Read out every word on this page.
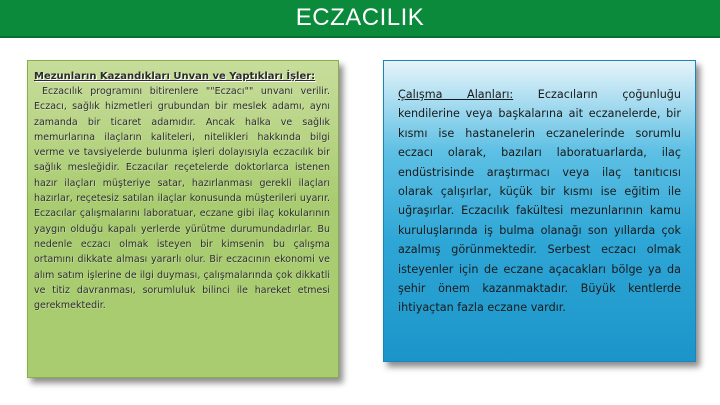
ECZACILIK
Mezunların Kazandıkları Unvan ve Yaptıkları İşler:

Eczacılık programını bitirenlere ""Eczacı"" unvanı verilir. Eczacı, sağlık hizmetleri grubundan bir meslek adamı, aynı zamanda bir ticaret adamıdır. Ancak halka ve sağlık memurlarına ilaçların kaliteleri, nitelikleri hakkında bilgi verme ve tavsiyelerde bulunma işleri dolayısıyla eczacılık bir sağlık mesleğidir. Eczacılar reçetelerde doktorlarca istenen hazır ilaçları müşteriye satar, hazırlanması gerekli ilaçları hazırlar, reçetesiz satılan ilaçlar konusunda müşterileri uyarır. Eczacılar çalışmalarını laboratuar, eczane gibi ilaç kokularının yaygın olduğu kapalı yerlerde yürütme durumundadırlar. Bu nedenle eczacı olmak isteyen bir kimsenin bu çalışma ortamını dikkate alması yararlı olur. Bir eczacının ekonomi ve alım satım işlerine de ilgi duyması, çalışmalarında çok dikkatli ve titiz davranması, sorumluluk bilinci ile hareket etmesi gerekmektedir.

Çalışma Alanları: Eczacıların çoğunluğu kendilerine veya başkalarına ait eczanelerde, bir kısmı ise hastanelerin eczanelerinde sorumlu eczacı olarak, bazıları laboratuarlarda, ilaç endüstrisinde araştırmacı veya ilaç tanıtıcısı olarak çalışırlar, küçük bir kısmı ise eğitim ile uğraşırlar. Eczacılık fakültesi mezunlarının kamu kuruluşlarında iş bulma olanağı son yıllarda çok azalmış görünmektedir. Serbest eczacı olmak isteyenler için de eczane açacakları bölge ya da şehir önem kazanmaktadır. Büyük kentlerde ihtiyaçtan fazla eczane vardır.
